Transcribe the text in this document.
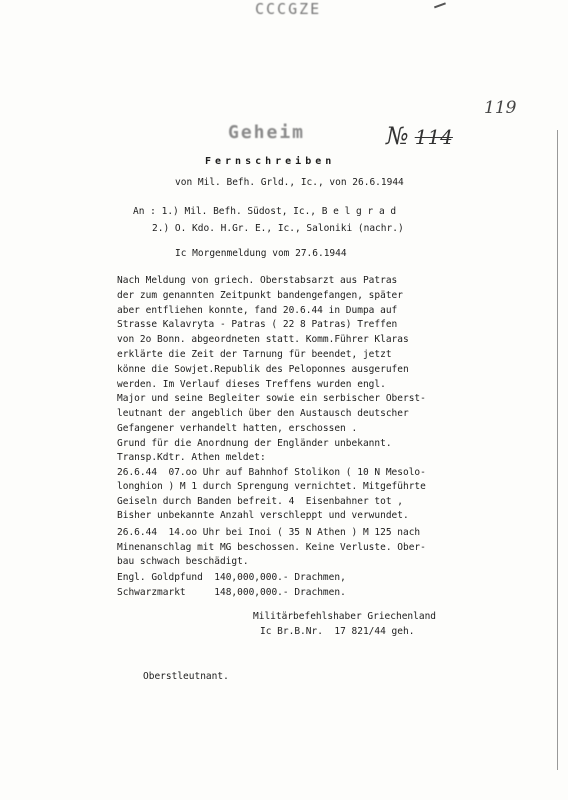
CCCGZE
119
Geheim	№ 114
Fernschreiben
von Mil. Befh. Grld., Ic., von 26.6.1944
An : 1.) Mil. Befh. Südost, Ic., B e l g r a d
2.) O. Kdo. H.Gr. E., Ic., Saloniki (nachr.)
Ic Morgenmeldung vom 27.6.1944
Nach Meldung von griech. Oberstabsarzt aus Patras
der zum genannten Zeitpunkt bandengefangen, später
aber entfliehen konnte, fand 20.6.44 in Dumpa auf
Strasse Kalavryta - Patras ( 22 8 Patras) Treffen
von 2o Bonn. abgeordneten statt. Komm.Führer Klaras
erklärte die Zeit der Tarnung für beendet, jetzt
könne die Sowjet.Republik des Peloponnes ausgerufen
werden. Im Verlauf dieses Treffens wurden engl.
Major und seine Begleiter sowie ein serbischer Oberst-
leutnant der angeblich über den Austausch deutscher
Gefangener verhandelt hatten, erschossen .
Grund für die Anordnung der Engländer unbekannt.
Transp.Kdtr. Athen meldet:
26.6.44  07.oo Uhr auf Bahnhof Stolikon ( 10 N Mesolo-
longhion ) M 1 durch Sprengung vernichtet. Mitgeführte
Geiseln durch Banden befreit. 4  Eisenbahner tot ,
Bisher unbekannte Anzahl verschleppt und verwundet.
26.6.44  14.oo Uhr bei Inoi ( 35 N Athen ) M 125 nach
Minenanschlag mit MG beschossen. Keine Verluste. Ober-
bau schwach beschädigt.
Engl. Goldpfund 140,000,000.- Drachmen,
Schwarzmarkt	148,000,000.- Drachmen.
Militärbefehlshaber Griechenland
Ic Br.B.Nr.  17 821/44 geh.
Oberstleutnant.
